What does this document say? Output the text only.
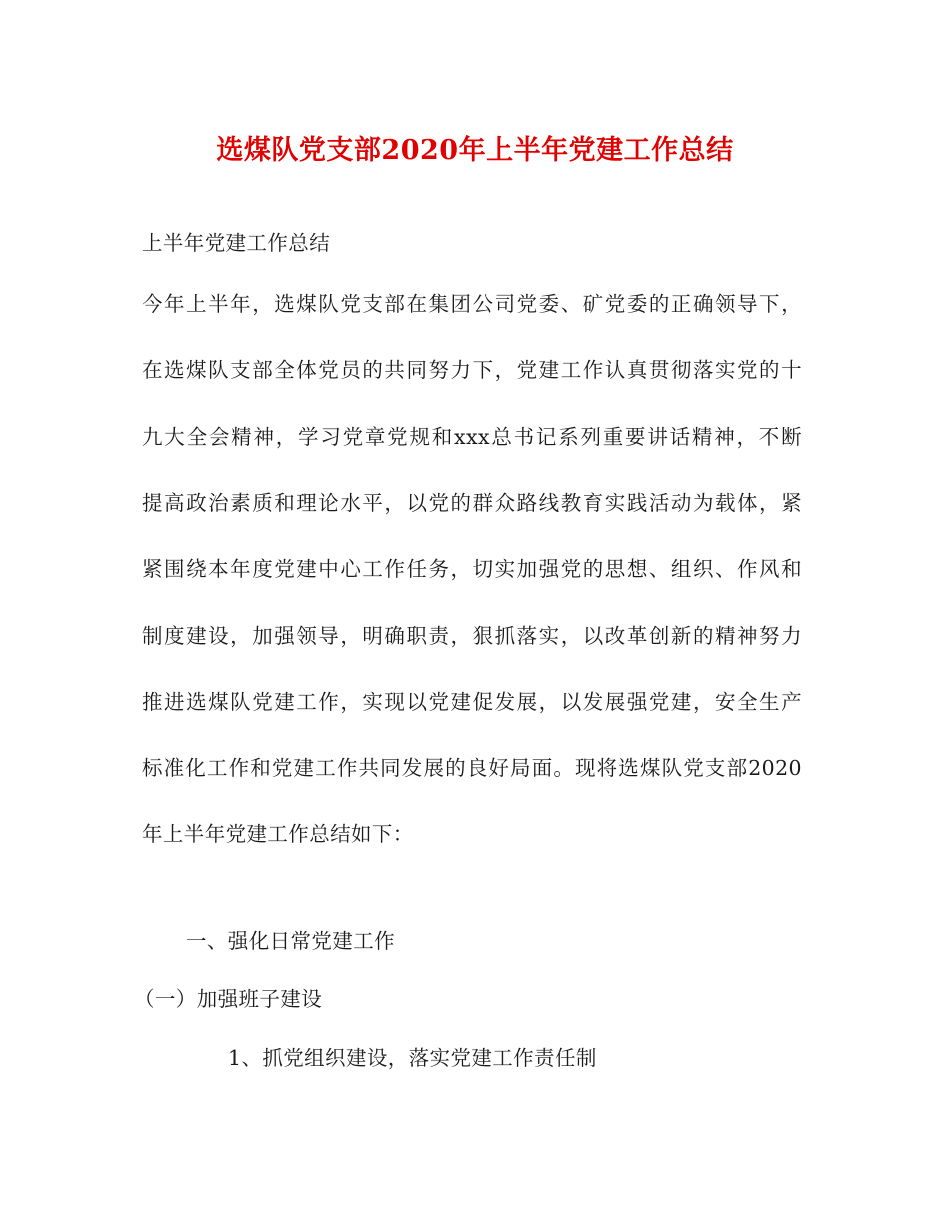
选煤队党支部2020年上半年党建工作总结
上半年党建工作总结
今年上半年，选煤队党支部在集团公司党委、矿党委的正确领导下，
在选煤队支部全体党员的共同努力下，党建工作认真贯彻落实党的十
九大全会精神，学习党章党规和xxx总书记系列重要讲话精神，不断
提高政治素质和理论水平，以党的群众路线教育实践活动为载体，紧
紧围绕本年度党建中心工作任务，切实加强党的思想、组织、作风和
制度建设，加强领导，明确职责，狠抓落实，以改革创新的精神努力
推进选煤队党建工作，实现以党建促发展，以发展强党建，安全生产
标准化工作和党建工作共同发展的良好局面。现将选煤队党支部2020
年上半年党建工作总结如下：
一、强化日常党建工作
（一）加强班子建设
1、抓党组织建设，落实党建工作责任制
